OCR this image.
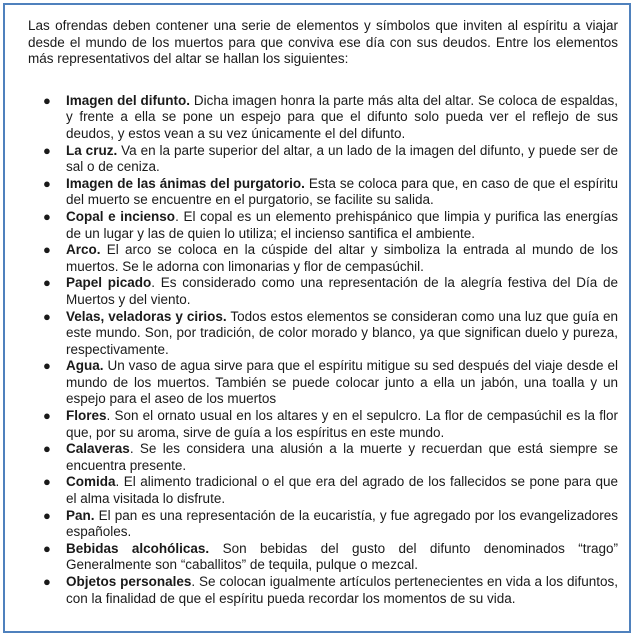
Las ofrendas deben contener una serie de elementos y símbolos que inviten al espíritu a viajar desde el mundo de los muertos para que conviva ese día con sus deudos. Entre los elementos más representativos del altar se hallan los siguientes:

● Imagen del difunto. Dicha imagen honra la parte más alta del altar. Se coloca de espaldas, y frente a ella se pone un espejo para que el difunto solo pueda ver el reflejo de sus deudos, y estos vean a su vez únicamente el del difunto.
● La cruz. Va en la parte superior del altar, a un lado de la imagen del difunto, y puede ser de sal o de ceniza.
● Imagen de las ánimas del purgatorio. Esta se coloca para que, en caso de que el espíritu del muerto se encuentre en el purgatorio, se facilite su salida.
● Copal e incienso. El copal es un elemento prehispánico que limpia y purifica las energías de un lugar y las de quien lo utiliza; el incienso santifica el ambiente.
● Arco. El arco se coloca en la cúspide del altar y simboliza la entrada al mundo de los muertos. Se le adorna con limonarias y flor de cempasúchil.
● Papel picado. Es considerado como una representación de la alegría festiva del Día de Muertos y del viento.
● Velas, veladoras y cirios. Todos estos elementos se consideran como una luz que guía en este mundo. Son, por tradición, de color morado y blanco, ya que significan duelo y pureza, respectivamente.
● Agua. Un vaso de agua sirve para que el espíritu mitigue su sed después del viaje desde el mundo de los muertos. También se puede colocar junto a ella un jabón, una toalla y un espejo para el aseo de los muertos
● Flores. Son el ornato usual en los altares y en el sepulcro. La flor de cempasúchil es la flor que, por su aroma, sirve de guía a los espíritus en este mundo.
● Calaveras. Se les considera una alusión a la muerte y recuerdan que está siempre se encuentra presente.
● Comida. El alimento tradicional o el que era del agrado de los fallecidos se pone para que el alma visitada lo disfrute.
● Pan. El pan es una representación de la eucaristía, y fue agregado por los evangelizadores españoles.
● Bebidas alcohólicas. Son bebidas del gusto del difunto denominados “trago” Generalmente son “caballitos” de tequila, pulque o mezcal.
● Objetos personales. Se colocan igualmente artículos pertenecientes en vida a los difuntos, con la finalidad de que el espíritu pueda recordar los momentos de su vida.
